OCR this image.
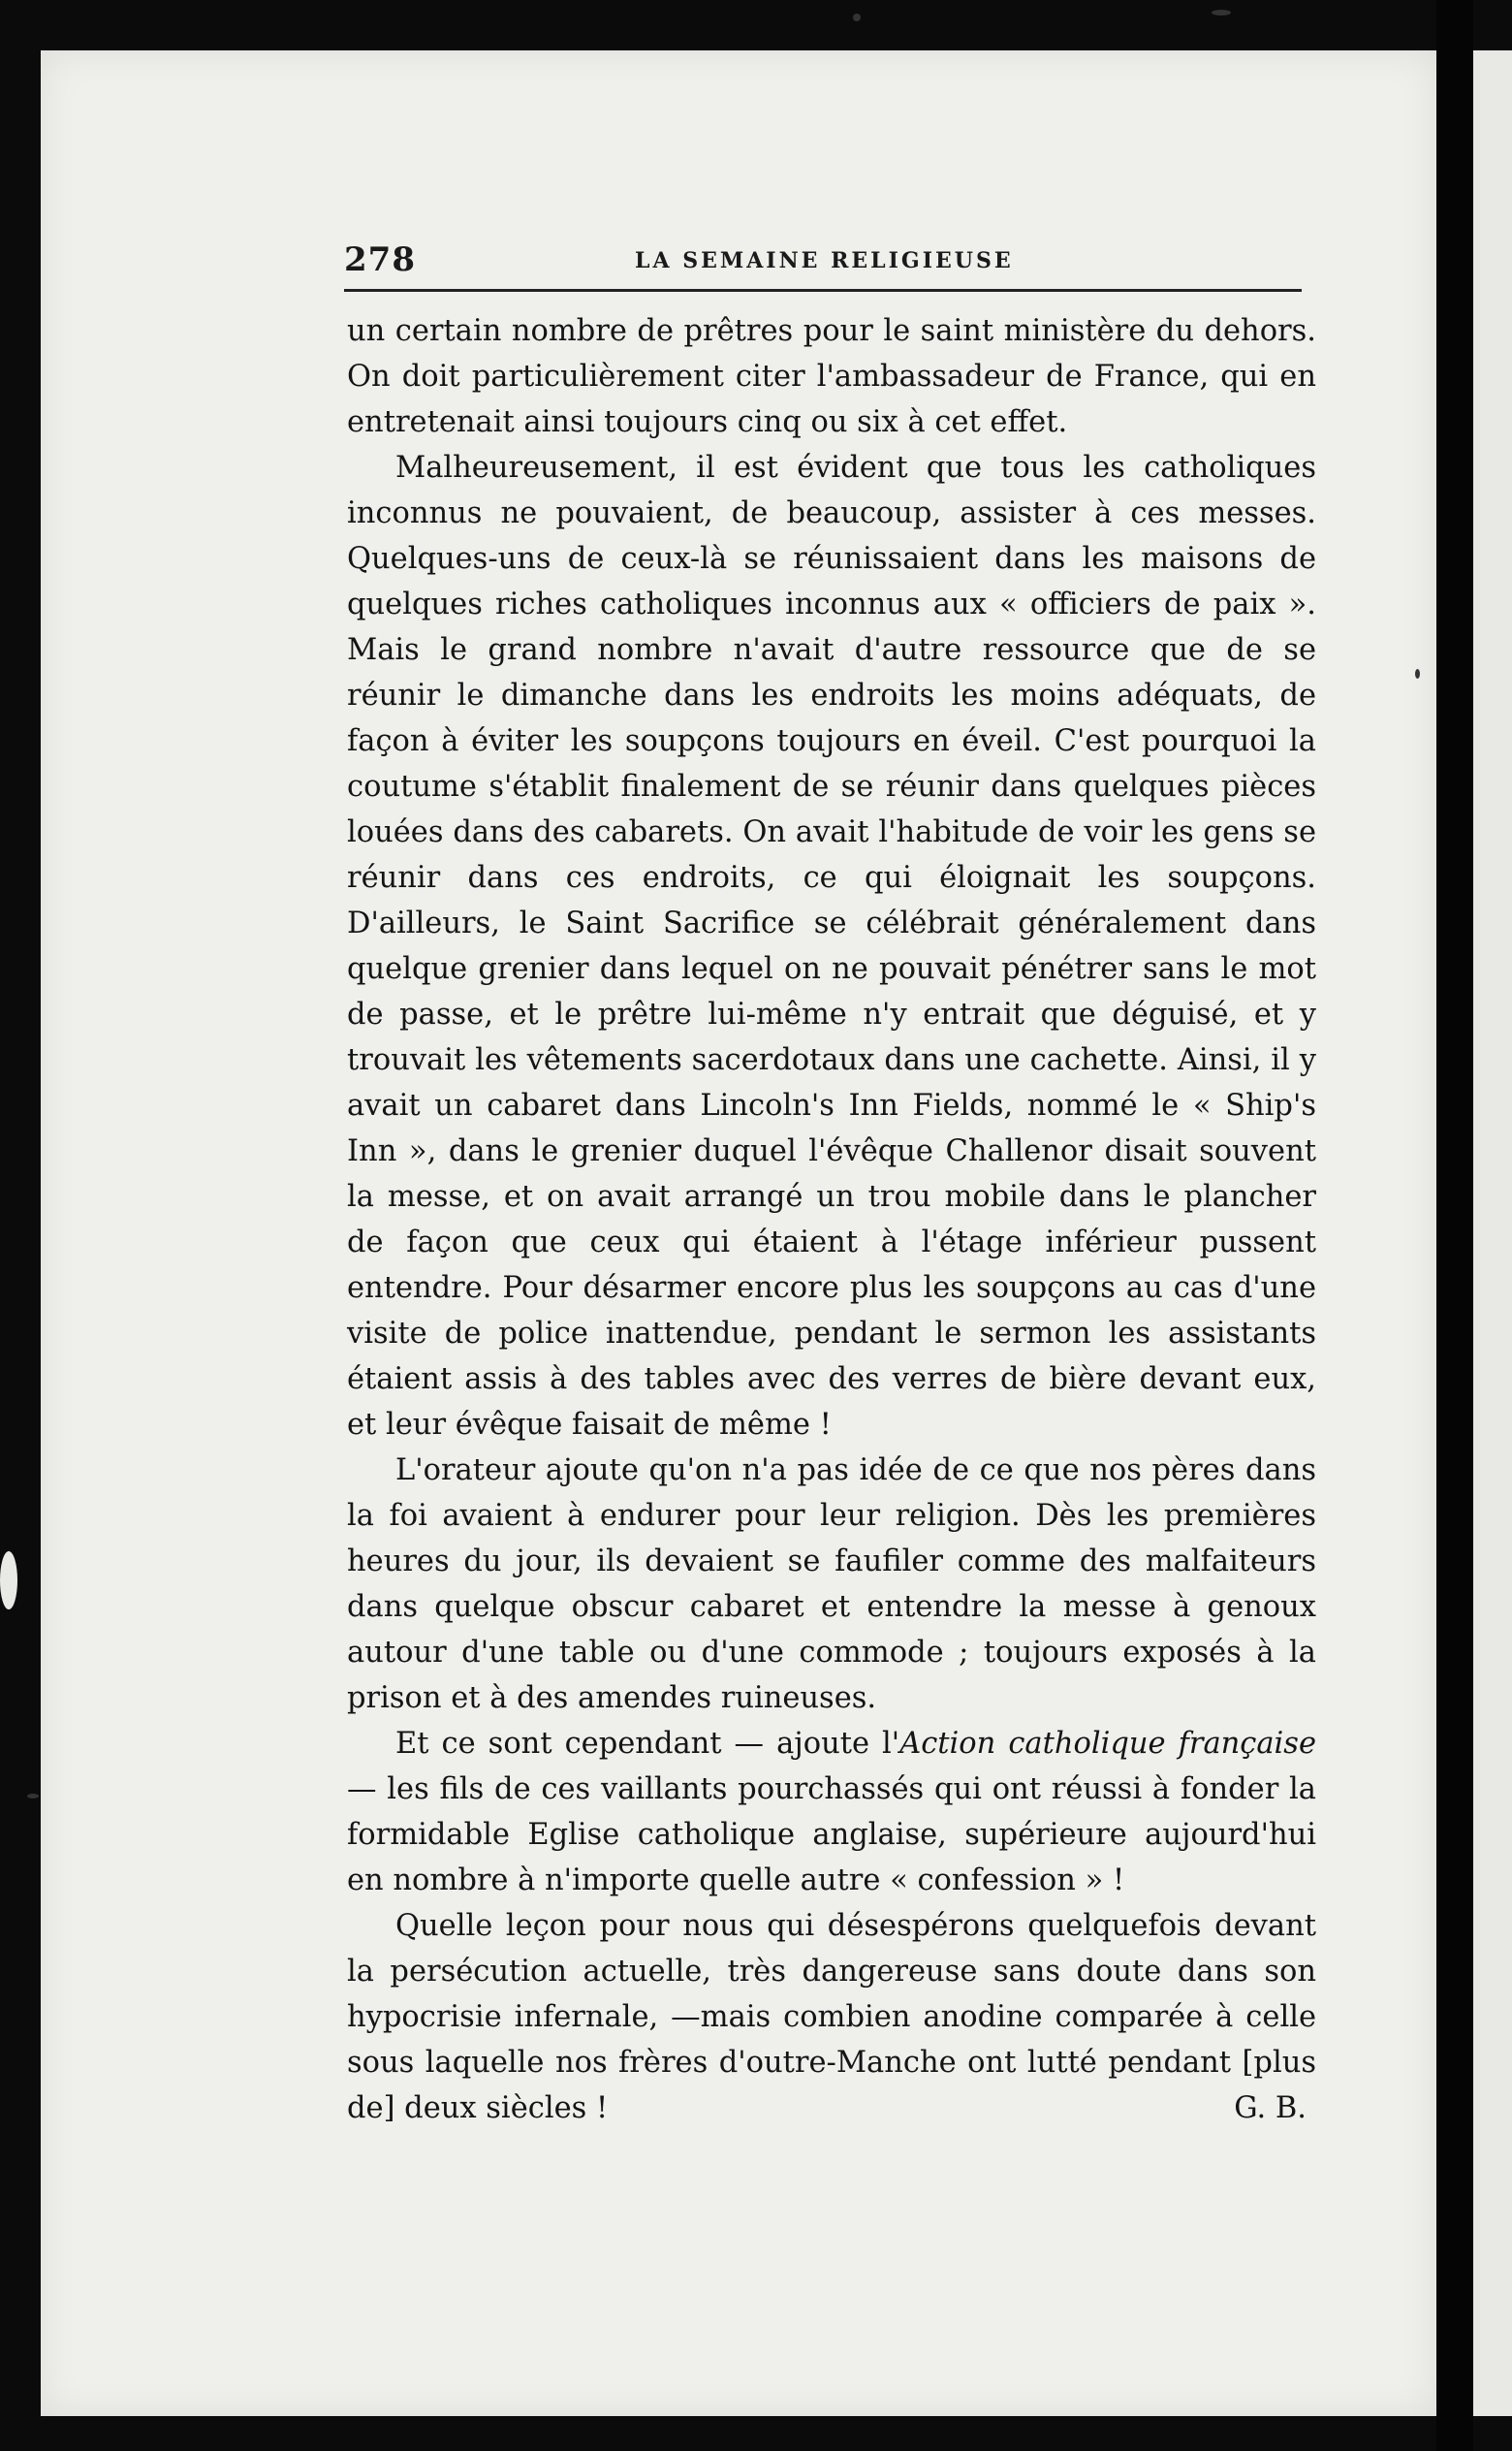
278	LA SEMAINE RELIGIEUSE

un certain nombre de prêtres pour le saint ministère du dehors. On doit particulièrement citer l'ambassadeur de France, qui en entretenait ainsi toujours cinq ou six à cet effet.

Malheureusement, il est évident que tous les catholiques inconnus ne pouvaient, de beaucoup, assister à ces messes. Quelques-uns de ceux-là se réunissaient dans les maisons de quelques riches catholiques inconnus aux « officiers de paix ». Mais le grand nombre n'avait d'autre ressource que de se réunir le dimanche dans les endroits les moins adéquats, de façon à éviter les soupçons toujours en éveil. C'est pourquoi la coutume s'établit finalement de se réunir dans quelques pièces louées dans des cabarets. On avait l'habitude de voir les gens se réunir dans ces endroits, ce qui éloignait les soupçons. D'ailleurs, le Saint Sacrifice se célébrait généralement dans quelque grenier dans lequel on ne pouvait pénétrer sans le mot de passe, et le prêtre lui-même n'y entrait que déguisé, et y trouvait les vêtements sacerdotaux dans une cachette. Ainsi, il y avait un cabaret dans Lincoln's Inn Fields, nommé le « Ship's Inn », dans le grenier duquel l'évêque Challenor disait souvent la messe, et on avait arrangé un trou mobile dans le plancher de façon que ceux qui étaient à l'étage inférieur pussent entendre. Pour désarmer encore plus les soupçons au cas d'une visite de police inattendue, pendant le sermon les assistants étaient assis à des tables avec des verres de bière devant eux, et leur évêque faisait de même !

L'orateur ajoute qu'on n'a pas idée de ce que nos pères dans la foi avaient à endurer pour leur religion. Dès les premières heures du jour, ils devaient se faufiler comme des malfaiteurs dans quelque obscur cabaret et entendre la messe à genoux autour d'une table ou d'une commode ; toujours exposés à la prison et à des amendes ruineuses.

Et ce sont cependant — ajoute l'Action catholique française — les fils de ces vaillants pourchassés qui ont réussi à fonder la formidable Eglise catholique anglaise, supérieure aujourd'hui en nombre à n'importe quelle autre « confession » !

Quelle leçon pour nous qui désespérons quelquefois devant la persécution actuelle, très dangereuse sans doute dans son hypocrisie infernale, —mais combien anodine comparée à celle sous laquelle nos frères d'outre-Manche ont lutté pendant [plus de] deux siècles !	G. B.
